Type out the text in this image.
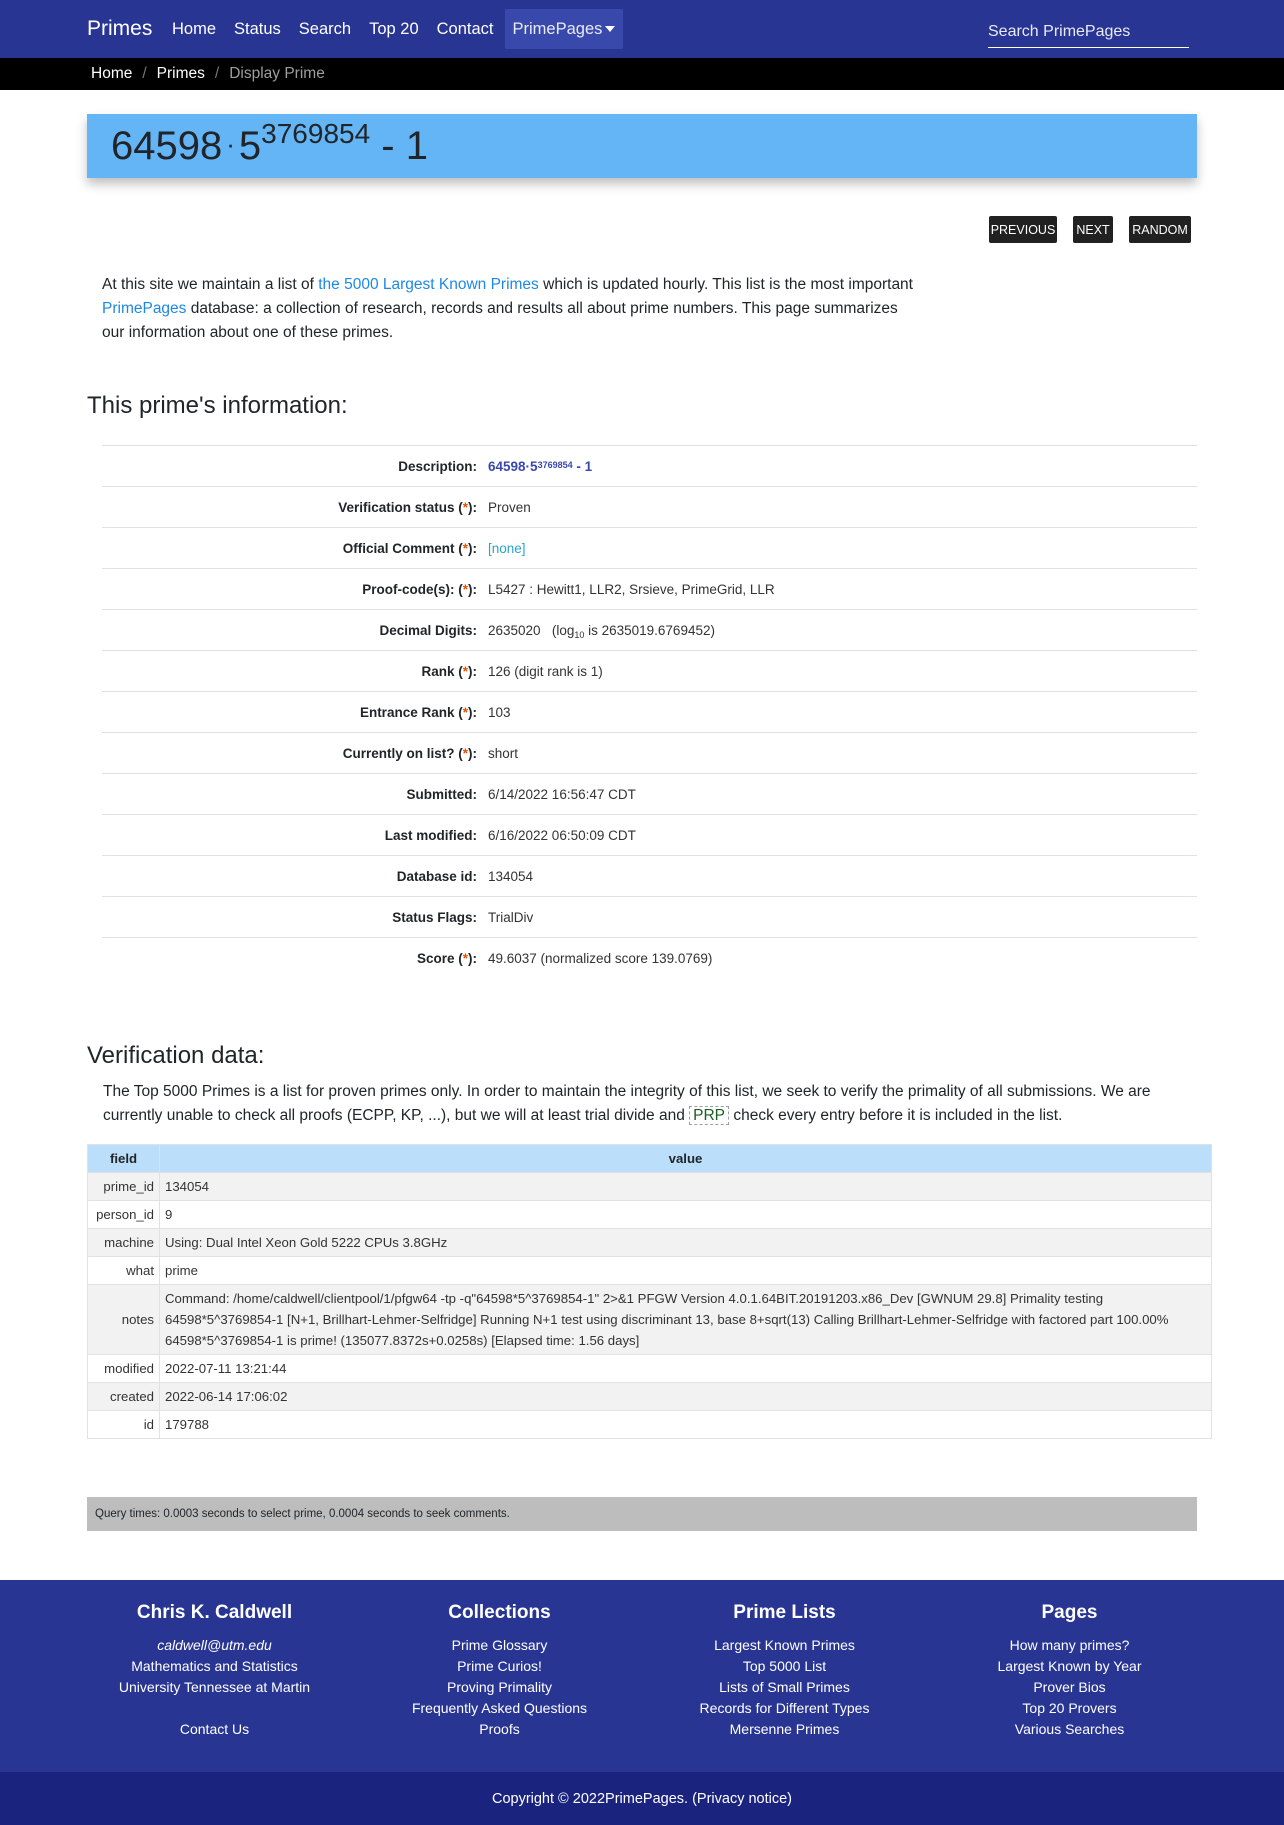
Primes	Home	Status	Search	Top 20	Contact	PrimePages
Search PrimePages
Home / Primes / Display Prime
$64598 \cdot 5^{3769854} - 1$
PREVIOUS NEXT RANDOM

At this site we maintain a list of the 5000 Largest Known Primes which is updated hourly. This list is the most important PrimePages database: a collection of research, records and results all about prime numbers. This page summarizes our information about one of these primes.

This prime's information:
Description: $64598\cdot 5^{3769854} - 1$
Verification status (*): Proven
Official Comment (*): [none]
Proof-code(s): (*): L5427 : Hewitt1, LLR2, Srsieve, PrimeGrid, LLR
Decimal Digits: 2635020 ($\log_{10}$ is 2635019.6769452)
Rank (*): 126 (digit rank is 1)
Entrance Rank (*): 103
Currently on list? (*): short
Submitted: 6/14/2022 16:56:47 CDT
Last modified: 6/16/2022 06:50:09 CDT
Database id: 134054
Status Flags: TrialDiv
Score (*): 49.6037 (normalized score 139.0769)
Verification data:

The Top 5000 Primes is a list for proven primes only. In order to maintain the integrity of this list, we seek to verify the primality of all submissions. We are currently unable to check all proofs (ECPP, KP, ...), but we will at least trial divide and PRP check every entry before it is included in the list.

field	value
prime_id	134054
person_id	9
machine	Using: Dual Intel Xeon Gold 5222 CPUs 3.8GHz
what	prime
notes	Command: /home/caldwell/clientpool/1/pfgw64 -tp -q"64598*5^3769854-1" 2>&1 PFGW Version 4.0.1.64BIT.20191203.x86_Dev [GWNUM 29.8] Primality testing 64598*5^3769854-1 [N+1, Brillhart-Lehmer-Selfridge] Running N+1 test using discriminant 13, base 8+sqrt(13) Calling Brillhart-Lehmer-Selfridge with factored part 100.00% 64598*5^3769854-1 is prime! (135077.8372s+0.0258s) [Elapsed time: 1.56 days]
modified	2022-07-11 13:21:44
created	2022-06-14 17:06:02
id	179788
Query times: 0.0003 seconds to select prime, 0.0004 seconds to seek comments.
Chris K. Caldwell
caldwell@utm.edu
Mathematics and Statistics
University Tennessee at Martin
Contact Us
Collections
Prime Glossary
Prime Curios!
Proving Primality
Frequently Asked Questions
Proofs
Prime Lists
Largest Known Primes
Top 5000 List
Lists of Small Primes
Records for Different Types
Mersenne Primes
Pages
How many primes?
Largest Known by Year
Prover Bios
Top 20 Provers
Various Searches
Copyright © 2022 PrimePages . ( Privacy notice )
